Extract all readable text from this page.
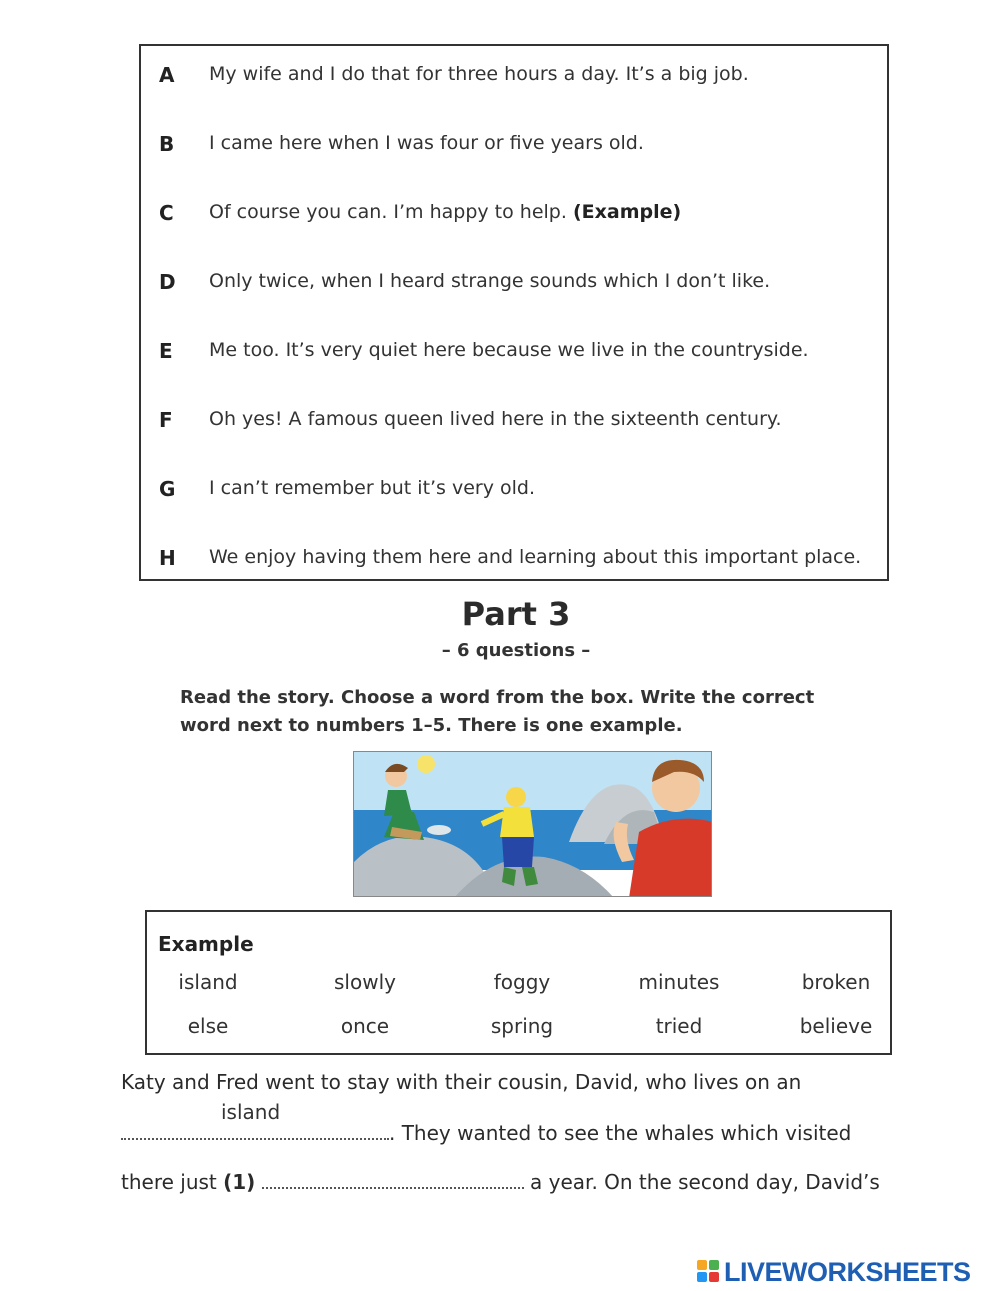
A My wife and I do that for three hours a day. It’s a big job.
B I came here when I was four or five years old.
C Of course you can. I’m happy to help. (Example)
D Only twice, when I heard strange sounds which I don’t like.
E Me too. It’s very quiet here because we live in the countryside.
F Oh yes! A famous queen lived here in the sixteenth century.
G I can’t remember but it’s very old.
H We enjoy having them here and learning about this important place.
Part 3
– 6 questions –
Read the story. Choose a word from the box. Write the correct
word next to numbers 1–5. There is one example.
Example
island	slowly	foggy	minutes	broken
else	once	spring	tried	believe
Katy and Fred went to stay with their cousin, David, who lives on an
island
. They wanted to see the whales which visited
there just (1)	a year. On the second day, David’s
LIVEWORKSHEETS
